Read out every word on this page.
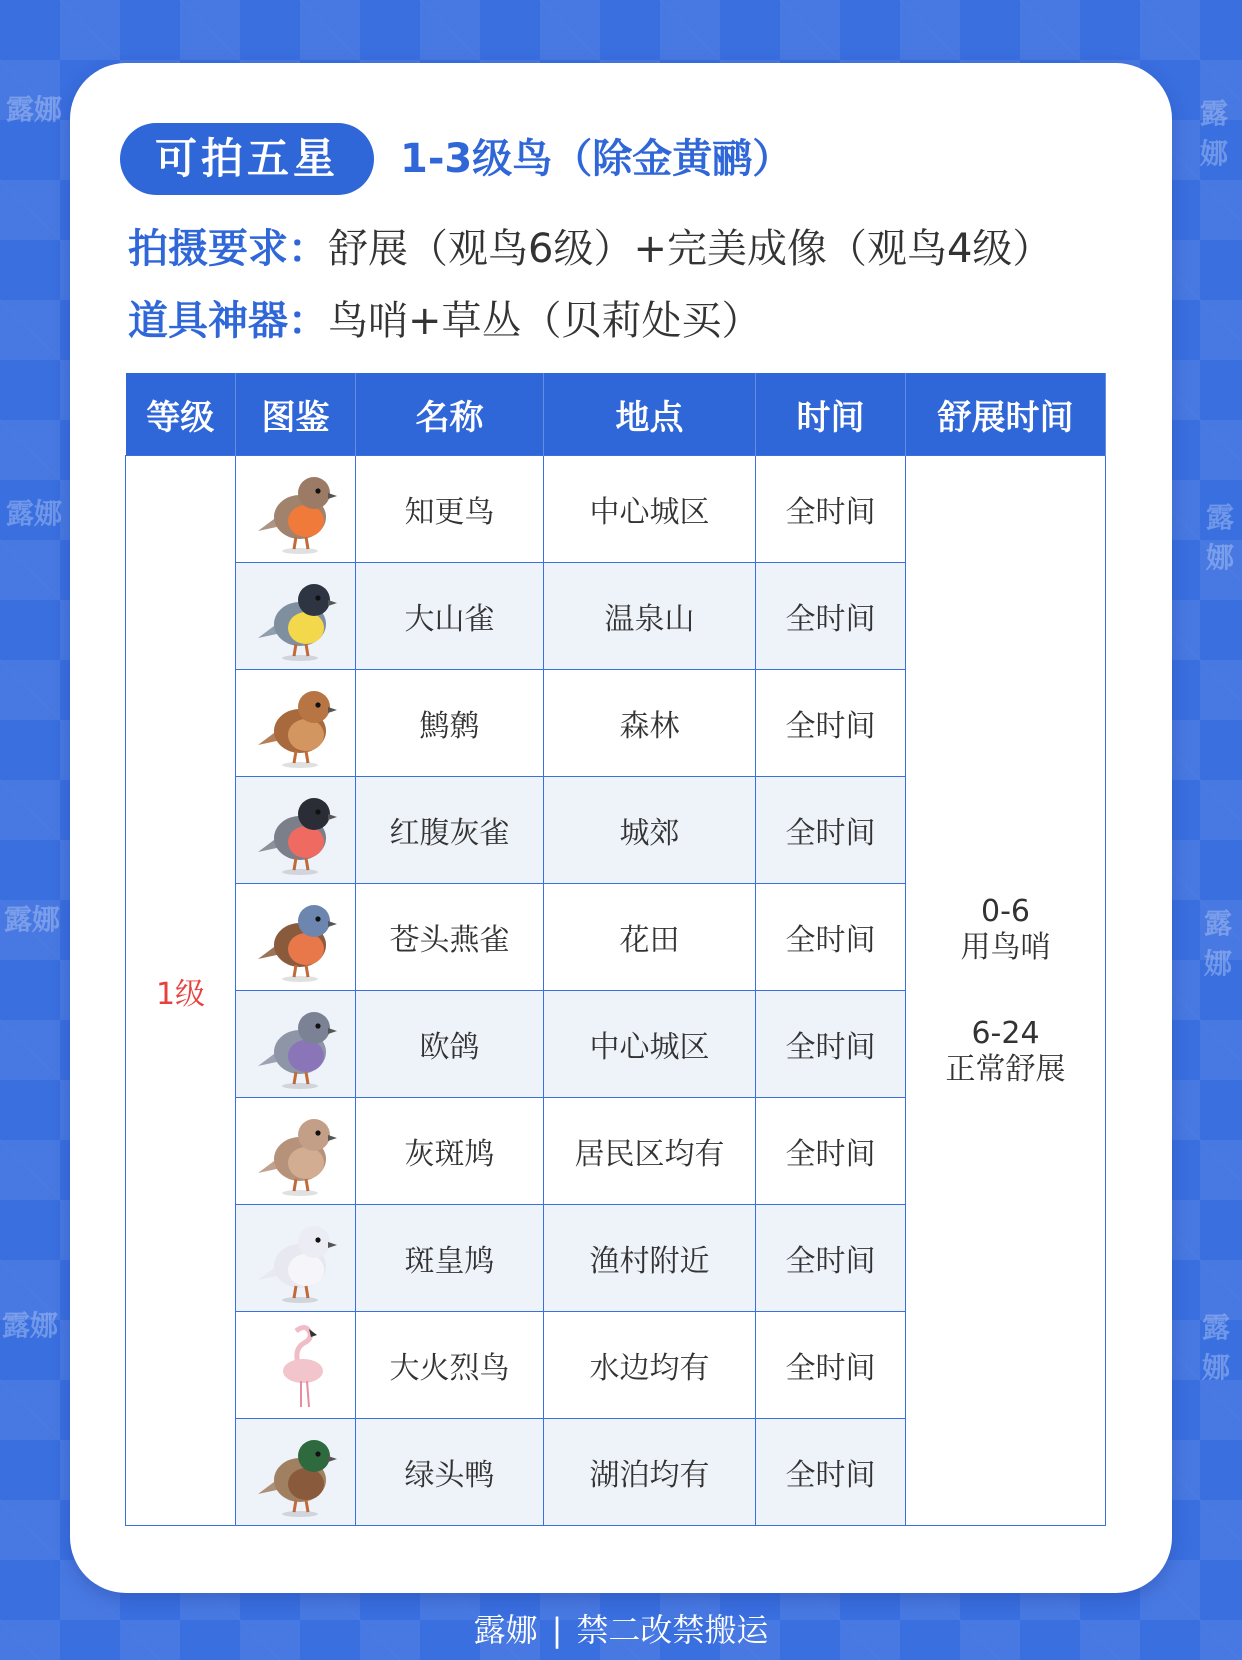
露娜	露娜
露娜	露娜
露娜	露娜
露娜	露娜
可拍五星	1-3级鸟（除金黄鹂）
拍摄要求：舒展（观鸟6级）+完美成像（观鸟4级）
道具神器：鸟哨+草丛（贝莉处买）
等级	图鉴	名称	地点	时间	舒展时间
1级		知更鸟	中心城区	全时间	0-6
用鸟哨
6-24
正常舒展

	大山雀	温泉山	全时间	

	鹪鹩	森林	全时间	

	红腹灰雀	城郊	全时间	

	苍头燕雀	花田	全时间	

	欧鸽	中心城区	全时间	

	灰斑鸠	居民区均有	全时间	

	斑皇鸠	渔村附近	全时间	

	大火烈鸟	水边均有	全时间	

	绿头鸭	湖泊均有	全时间	
露娜 | 禁二改禁搬运
